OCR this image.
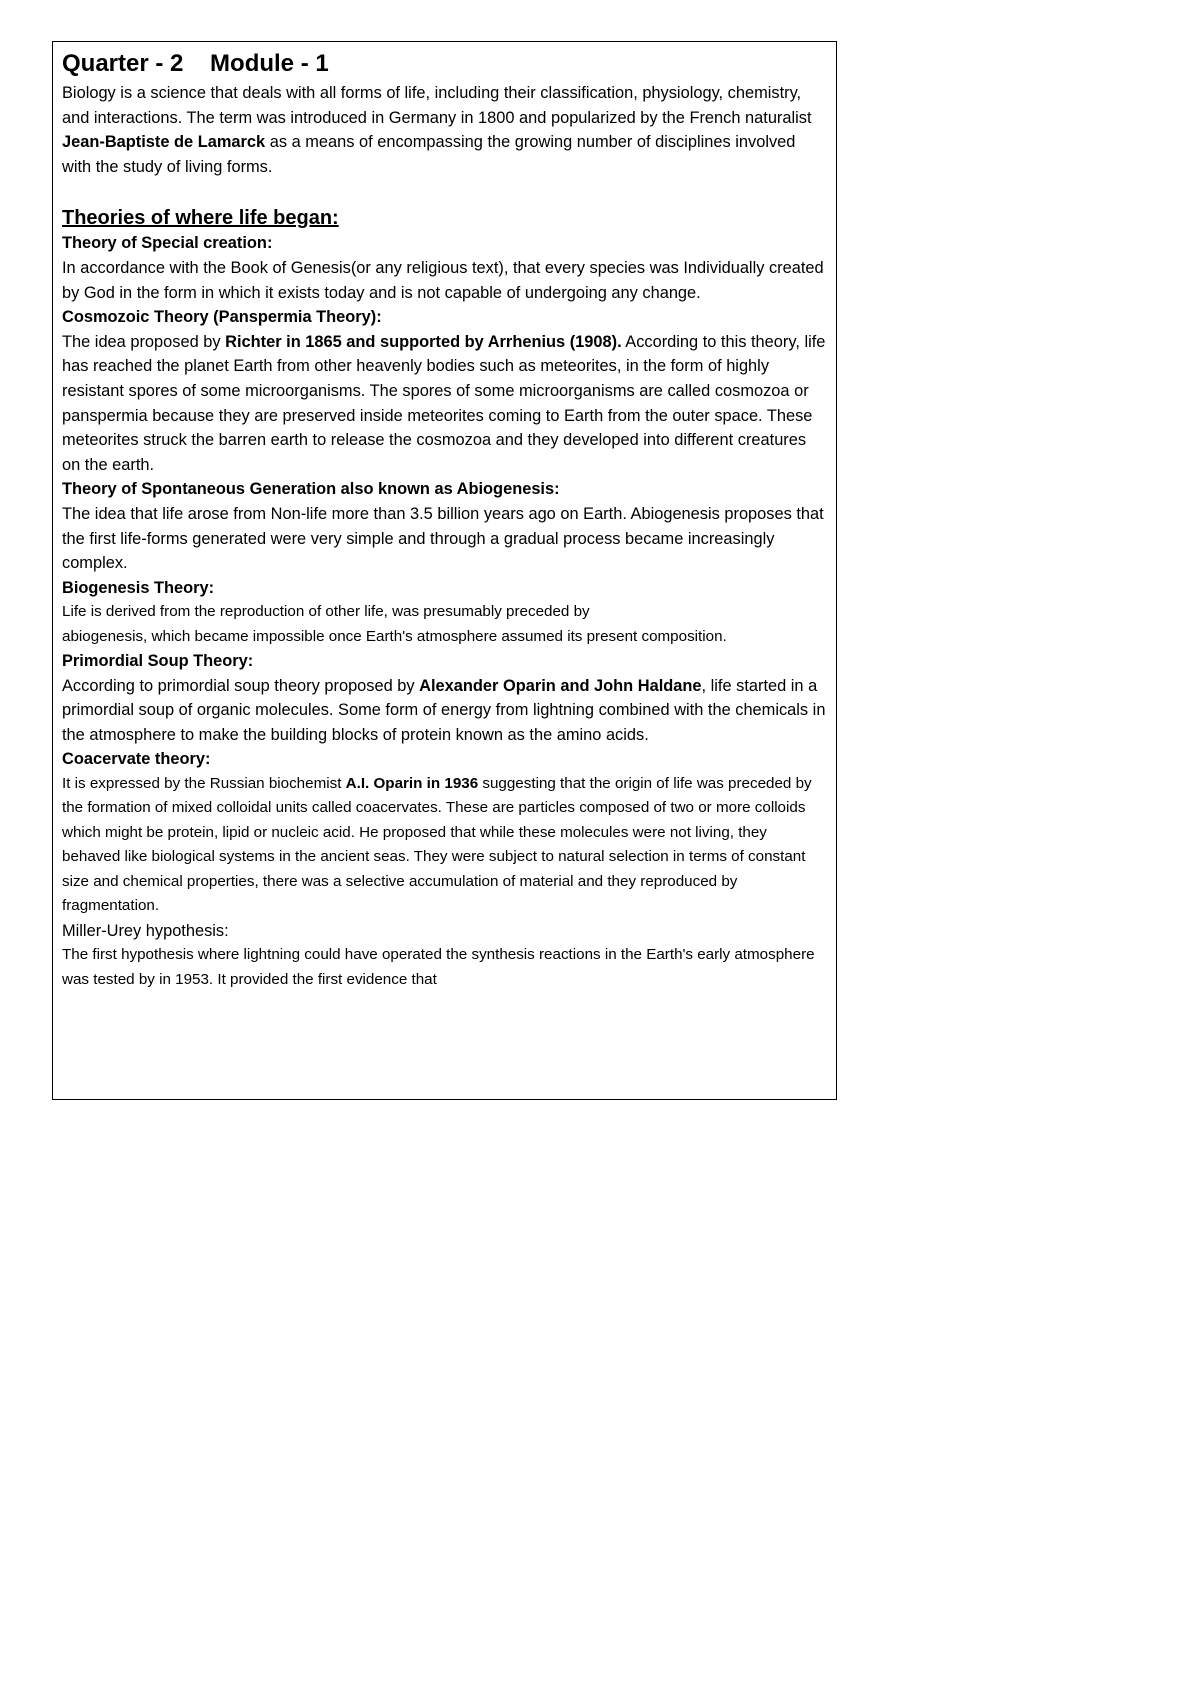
Quarter - 2    Module - 1

Biology is a science that deals with all forms of life, including their classification, physiology, chemistry, and interactions. The term was introduced in Germany in 1800 and popularized by the French naturalist Jean-Baptiste de Lamarck as a means of encompassing the growing number of disciplines involved with the study of living forms.

Theories of where life began:
Theory of Special creation:

In accordance with the Book of Genesis(or any religious text), that every species was Individually created by God in the form in which it exists today and is not capable of undergoing any change.

Cosmozoic Theory (Panspermia Theory):

The idea proposed by Richter in 1865 and supported by Arrhenius (1908). According to this theory, life has reached the planet Earth from other heavenly bodies such as meteorites, in the form of highly resistant spores of some microorganisms. The spores of some microorganisms are called cosmozoa or panspermia because they are preserved inside meteorites coming to Earth from the outer space. These meteorites struck the barren earth to release the cosmozoa and they developed into different creatures on the earth.

Theory of Spontaneous Generation also known as Abiogenesis:

The idea that life arose from Non-life more than 3.5 billion years ago on Earth. Abiogenesis proposes that the first life-forms generated were very simple and through a gradual process became increasingly complex.

Biogenesis Theory:

Life is derived from the reproduction of other life, was presumably preceded by

abiogenesis, which became impossible once Earth's atmosphere assumed its present composition.

Primordial Soup Theory:

According to primordial soup theory proposed by Alexander Oparin and John Haldane, life started in a primordial soup of organic molecules. Some form of energy from lightning combined with the chemicals in the atmosphere to make the building blocks of protein known as the amino acids.

Coacervate theory:

It is expressed by the Russian biochemist A.I. Oparin in 1936 suggesting that the origin of life was preceded by the formation of mixed colloidal units called coacervates. These are particles composed of two or more colloids which might be protein, lipid or nucleic acid. He proposed that while these molecules were not living, they behaved like biological systems in the ancient seas. They were subject to natural selection in terms of constant size and chemical properties, there was a selective accumulation of material and they reproduced by fragmentation.

Miller-Urey hypothesis:

The first hypothesis where lightning could have operated the synthesis reactions in the Earth's early atmosphere was tested by in 1953. It provided the first evidence that
